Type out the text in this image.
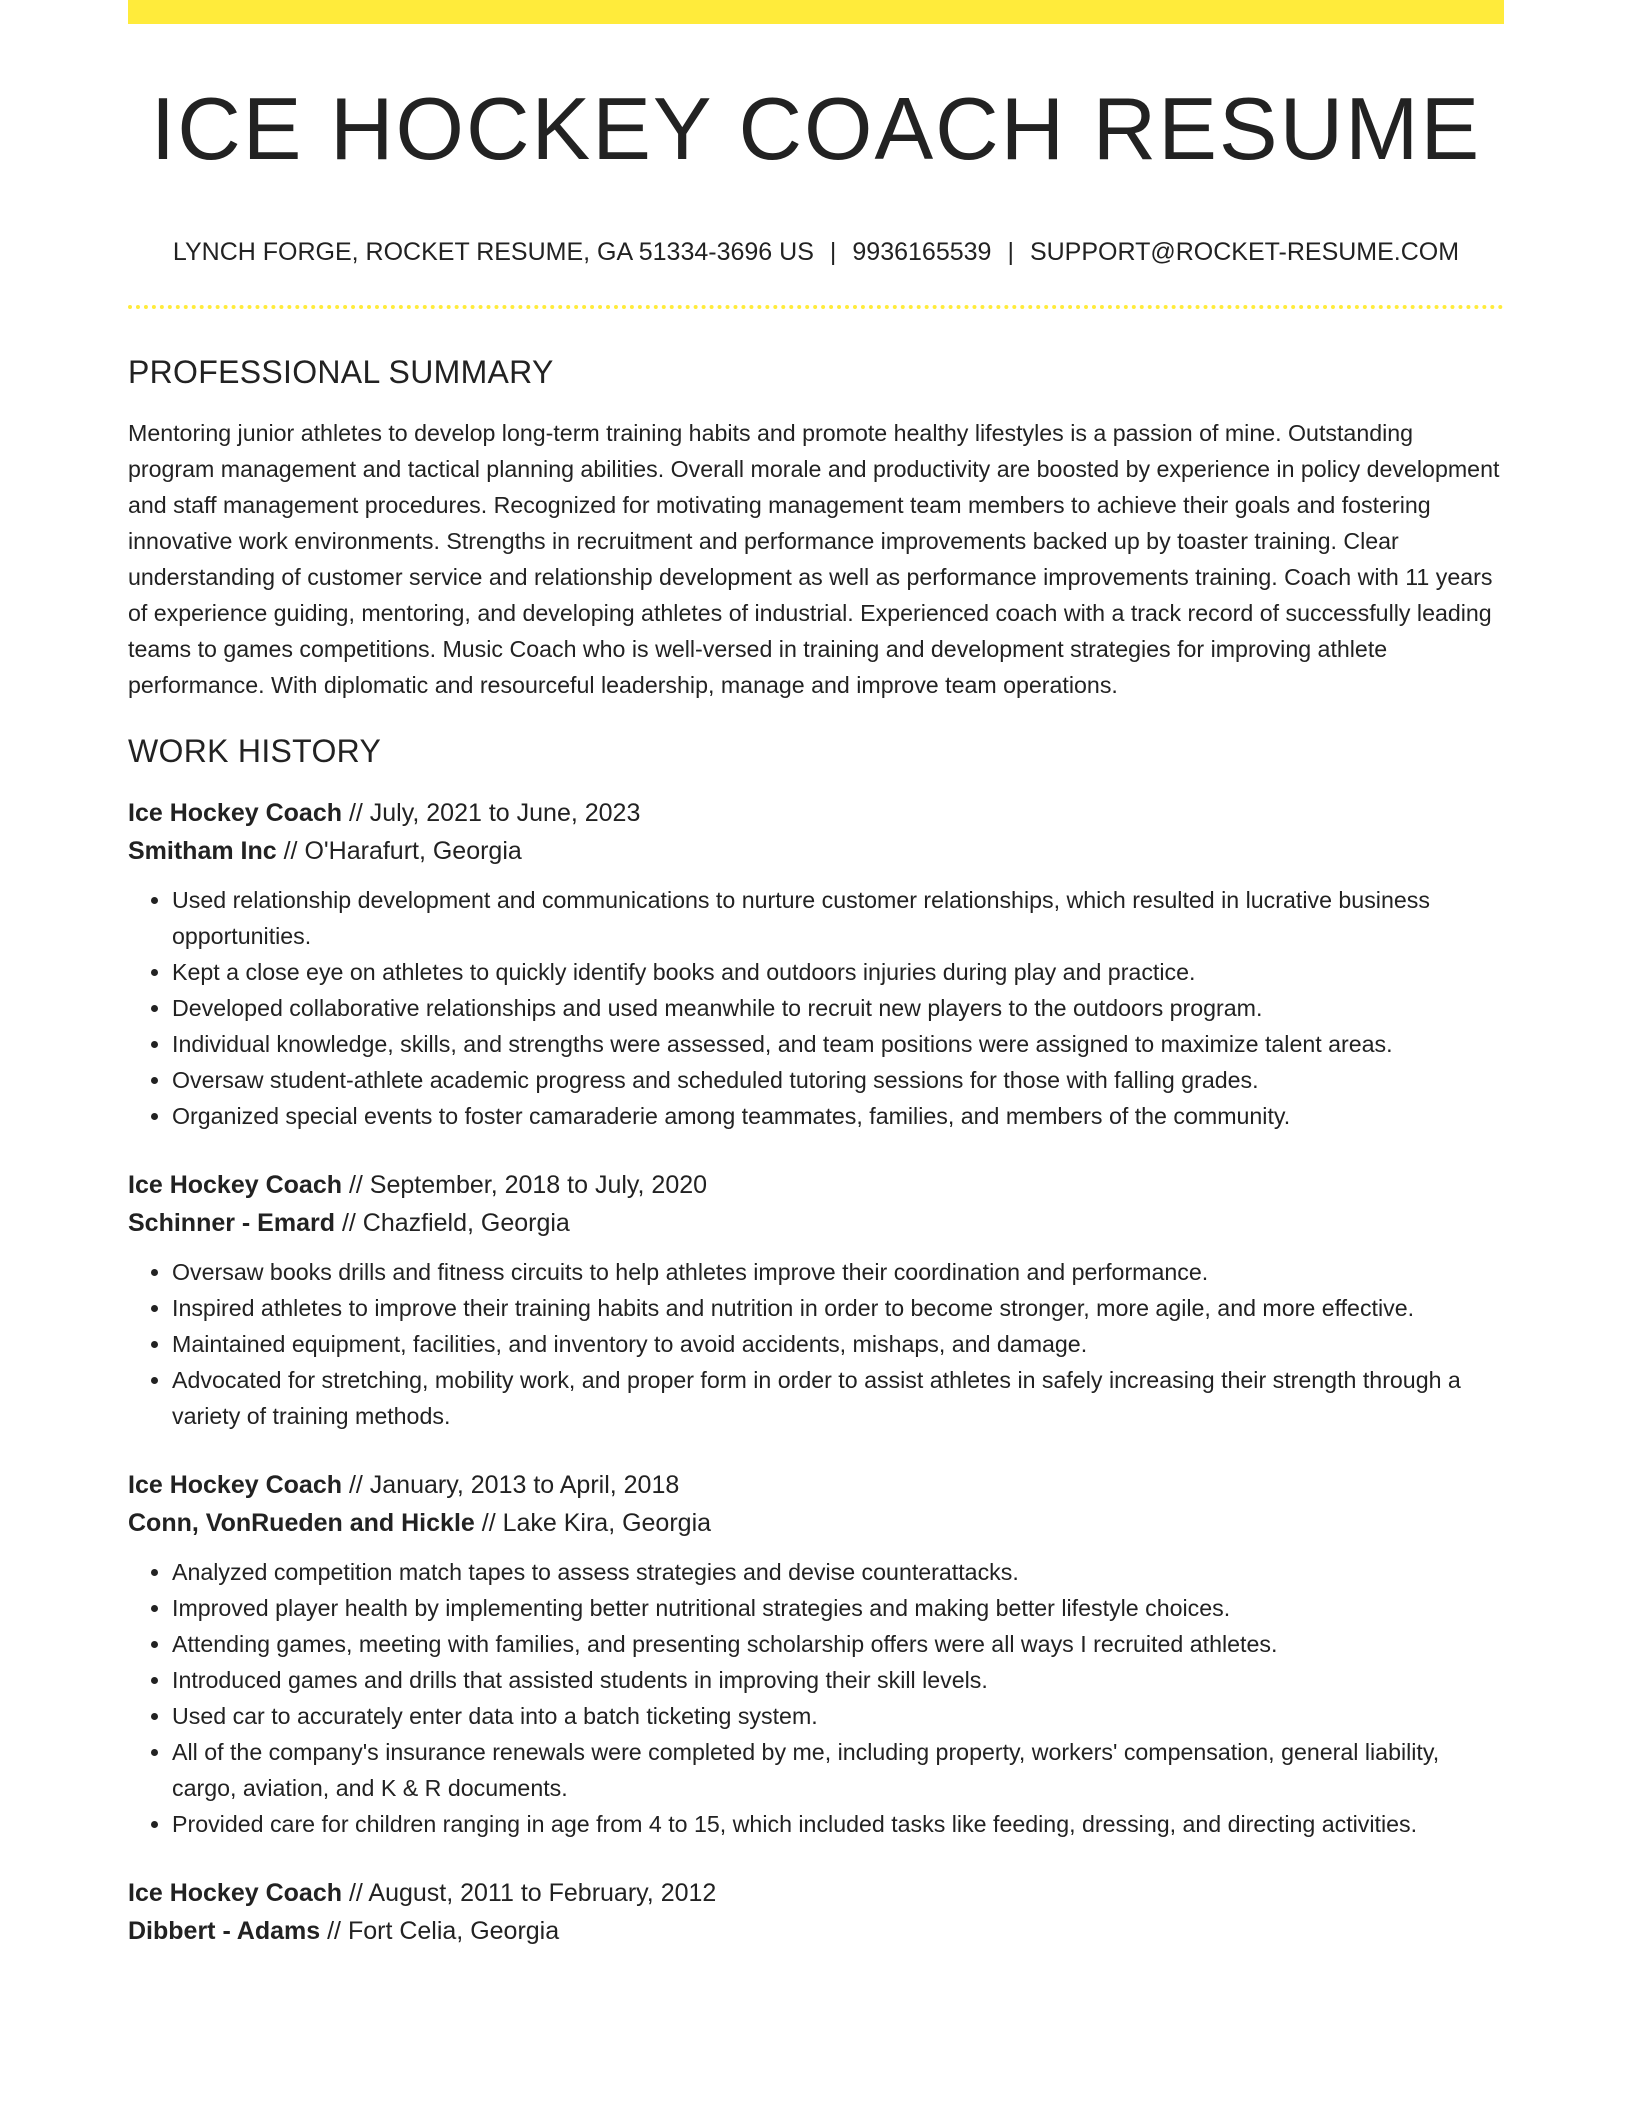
ICE HOCKEY COACH RESUME
LYNCH FORGE, ROCKET RESUME, GA 51334-3696 US | 9936165539 | SUPPORT@ROCKET-RESUME.COM
PROFESSIONAL SUMMARY

Mentoring junior athletes to develop long-term training habits and promote healthy lifestyles is a passion of mine. Outstanding program management and tactical planning abilities. Overall morale and productivity are boosted by experience in policy development and staff management procedures. Recognized for motivating management team members to achieve their goals and fostering innovative work environments. Strengths in recruitment and performance improvements backed up by toaster training. Clear understanding of customer service and relationship development as well as performance improvements training. Coach with 11 years of experience guiding, mentoring, and developing athletes of industrial. Experienced coach with a track record of successfully leading teams to games competitions. Music Coach who is well-versed in training and development strategies for improving athlete performance. With diplomatic and resourceful leadership, manage and improve team operations.

WORK HISTORY
Ice Hockey Coach // July, 2021 to June, 2023
Smitham Inc // O'Harafurt, Georgia
• Used relationship development and communications to nurture customer relationships, which resulted in lucrative business opportunities.
• Kept a close eye on athletes to quickly identify books and outdoors injuries during play and practice.
• Developed collaborative relationships and used meanwhile to recruit new players to the outdoors program.
• Individual knowledge, skills, and strengths were assessed, and team positions were assigned to maximize talent areas.
• Oversaw student-athlete academic progress and scheduled tutoring sessions for those with falling grades.
• Organized special events to foster camaraderie among teammates, families, and members of the community.
Ice Hockey Coach // September, 2018 to July, 2020
Schinner - Emard // Chazfield, Georgia
• Oversaw books drills and fitness circuits to help athletes improve their coordination and performance.
• Inspired athletes to improve their training habits and nutrition in order to become stronger, more agile, and more effective.
• Maintained equipment, facilities, and inventory to avoid accidents, mishaps, and damage.
• Advocated for stretching, mobility work, and proper form in order to assist athletes in safely increasing their strength through a variety of training methods.
Ice Hockey Coach // January, 2013 to April, 2018
Conn, VonRueden and Hickle // Lake Kira, Georgia
• Analyzed competition match tapes to assess strategies and devise counterattacks.
• Improved player health by implementing better nutritional strategies and making better lifestyle choices.
• Attending games, meeting with families, and presenting scholarship offers were all ways I recruited athletes.
• Introduced games and drills that assisted students in improving their skill levels.
• Used car to accurately enter data into a batch ticketing system.
• All of the company's insurance renewals were completed by me, including property, workers' compensation, general liability, cargo, aviation, and K & R documents.
• Provided care for children ranging in age from 4 to 15, which included tasks like feeding, dressing, and directing activities.
Ice Hockey Coach // August, 2011 to February, 2012
Dibbert - Adams // Fort Celia, Georgia
